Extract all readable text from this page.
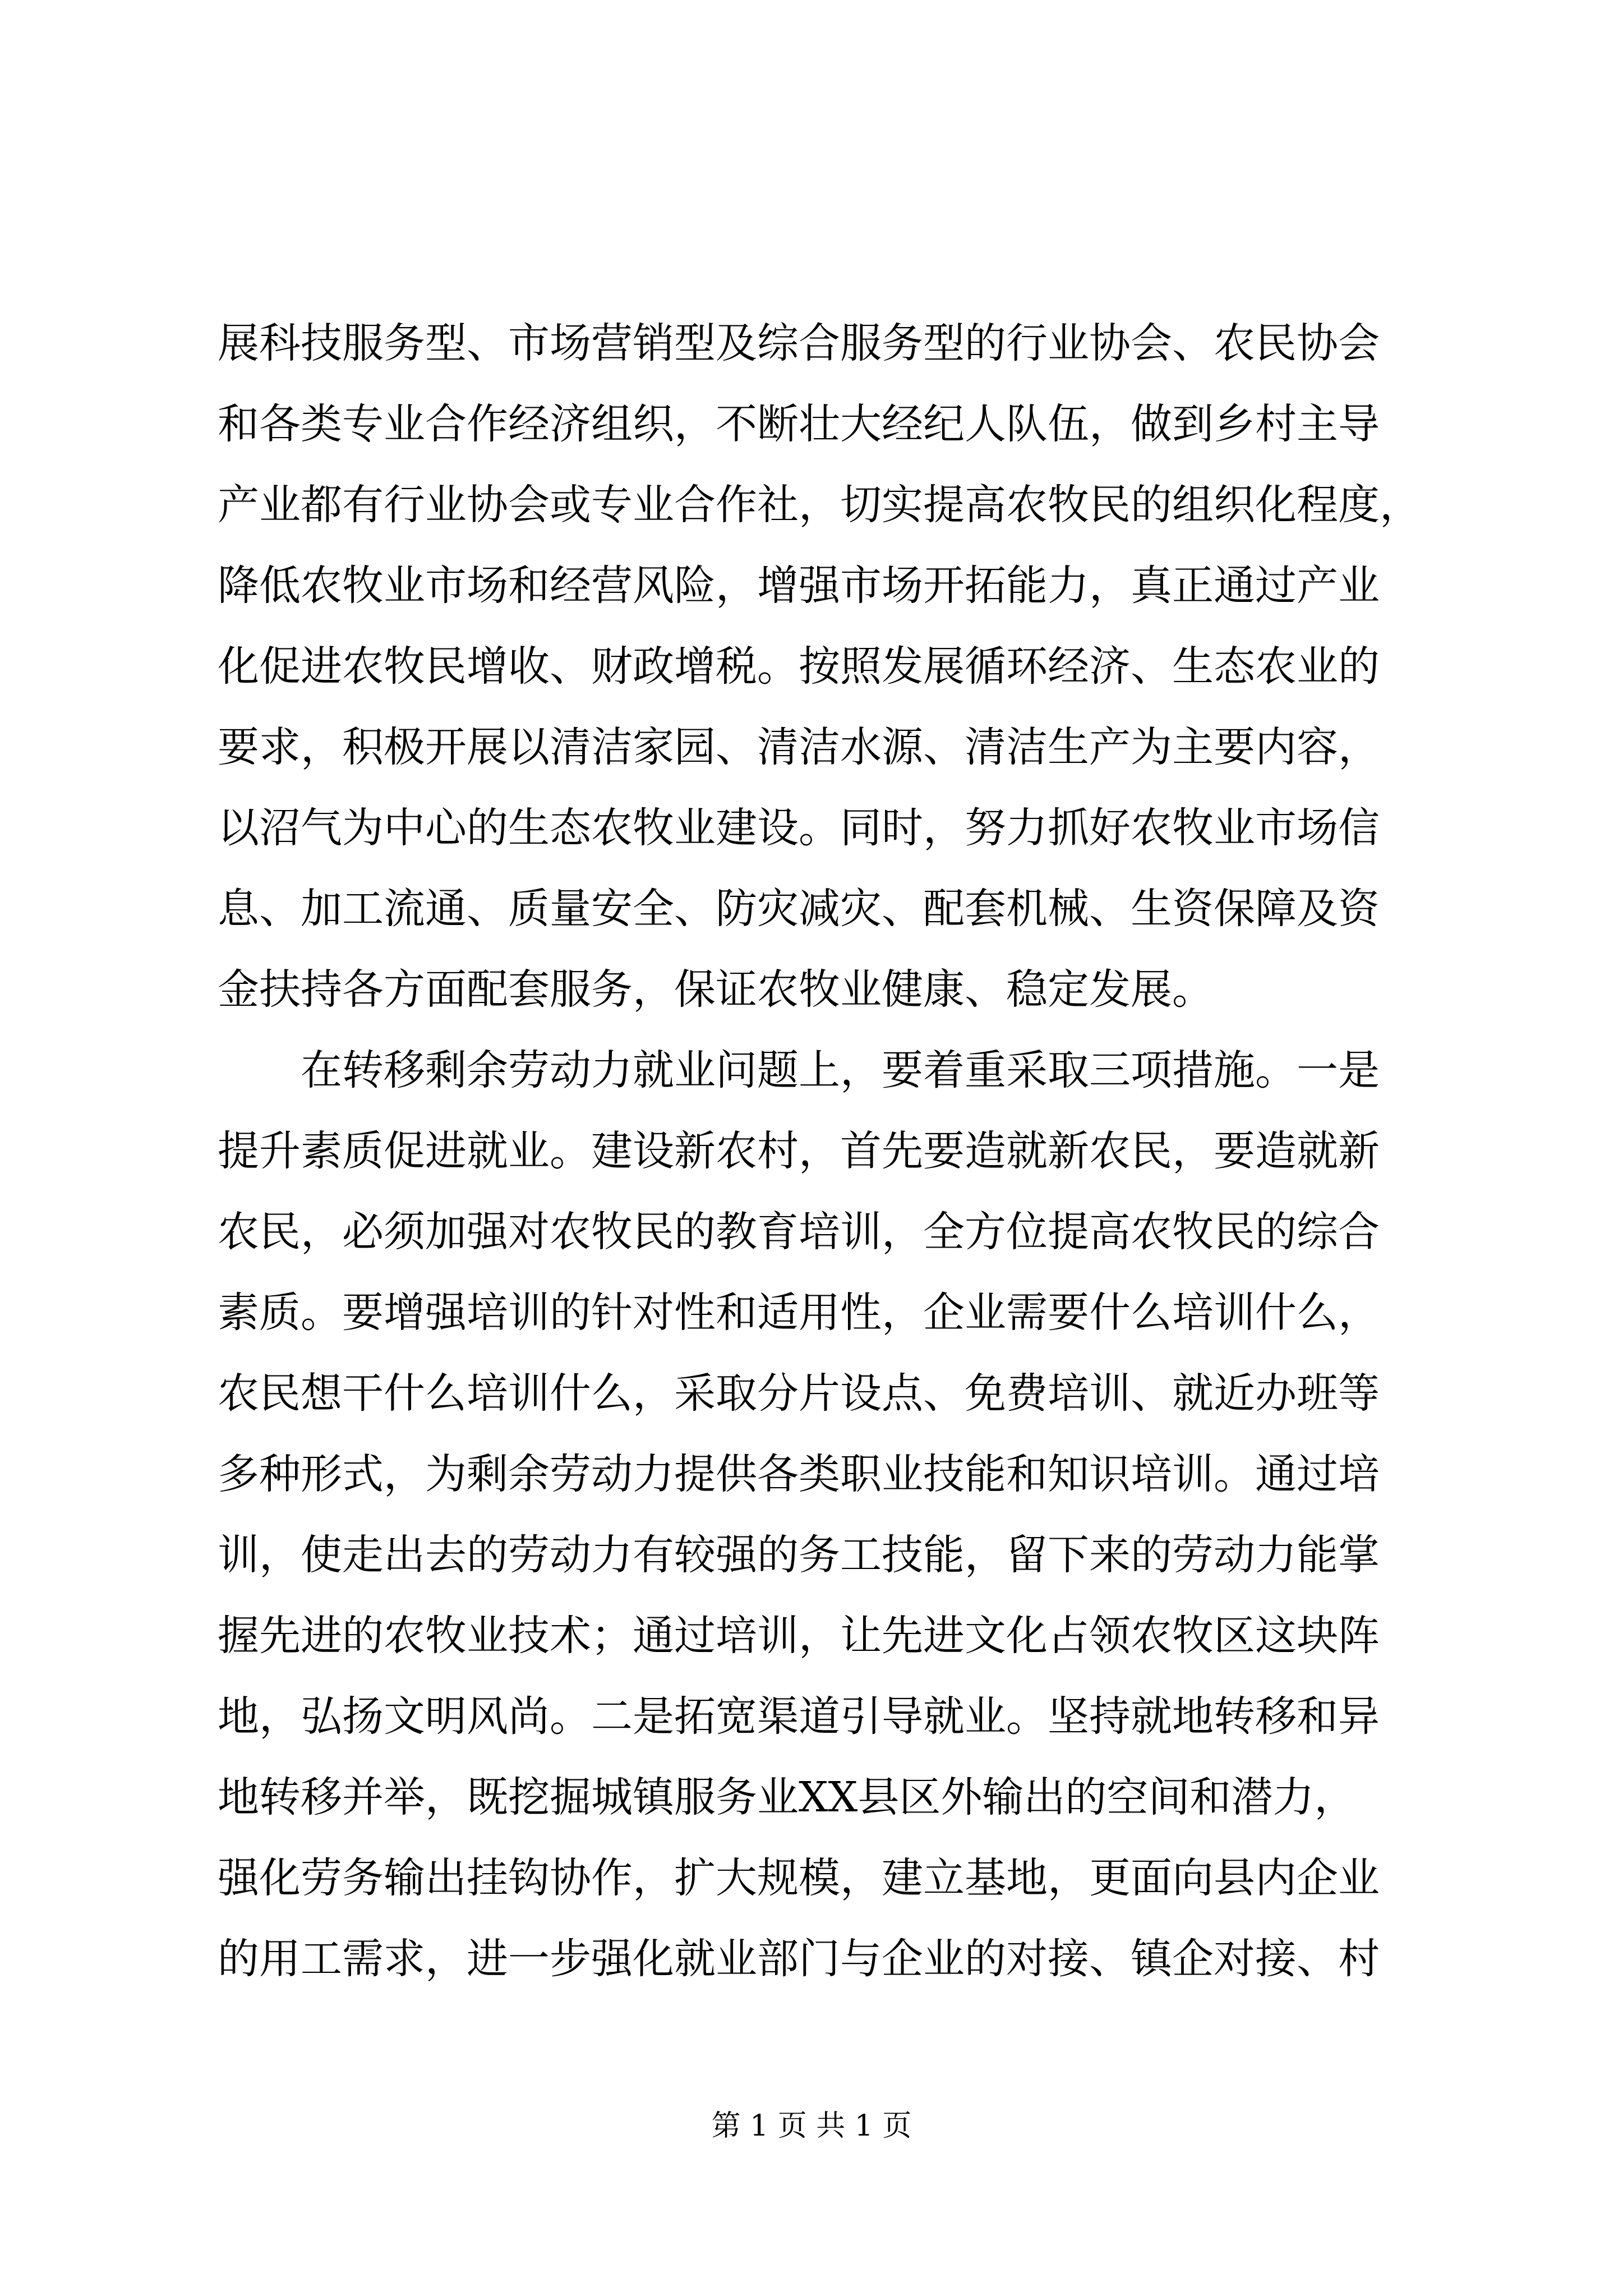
展科技服务型、市场营销型及综合服务型的行业协会、农民协会
和各类专业合作经济组织，不断壮大经纪人队伍，做到乡村主导
产业都有行业协会或专业合作社，切实提高农牧民的组织化程度，
降低农牧业市场和经营风险，增强市场开拓能力，真正通过产业
化促进农牧民增收、财政增税。按照发展循环经济、生态农业的
要求，积极开展以清洁家园、清洁水源、清洁生产为主要内容，
以沼气为中心的生态农牧业建设。同时，努力抓好农牧业市场信
息、加工流通、质量安全、防灾减灾、配套机械、生资保障及资
金扶持各方面配套服务，保证农牧业健康、稳定发展。
在转移剩余劳动力就业问题上，要着重采取三项措施。一是
提升素质促进就业。建设新农村，首先要造就新农民，要造就新
农民，必须加强对农牧民的教育培训，全方位提高农牧民的综合
素质。要增强培训的针对性和适用性，企业需要什么培训什么，
农民想干什么培训什么，采取分片设点、免费培训、就近办班等
多种形式，为剩余劳动力提供各类职业技能和知识培训。通过培
训，使走出去的劳动力有较强的务工技能，留下来的劳动力能掌
握先进的农牧业技术；通过培训，让先进文化占领农牧区这块阵
地，弘扬文明风尚。二是拓宽渠道引导就业。坚持就地转移和异
地转移并举，既挖掘城镇服务业XX县区外输出的空间和潜力，
强化劳务输出挂钩协作，扩大规模，建立基地，更面向县内企业
的用工需求，进一步强化就业部门与企业的对接、镇企对接、村
第 1 页 共 1 页
